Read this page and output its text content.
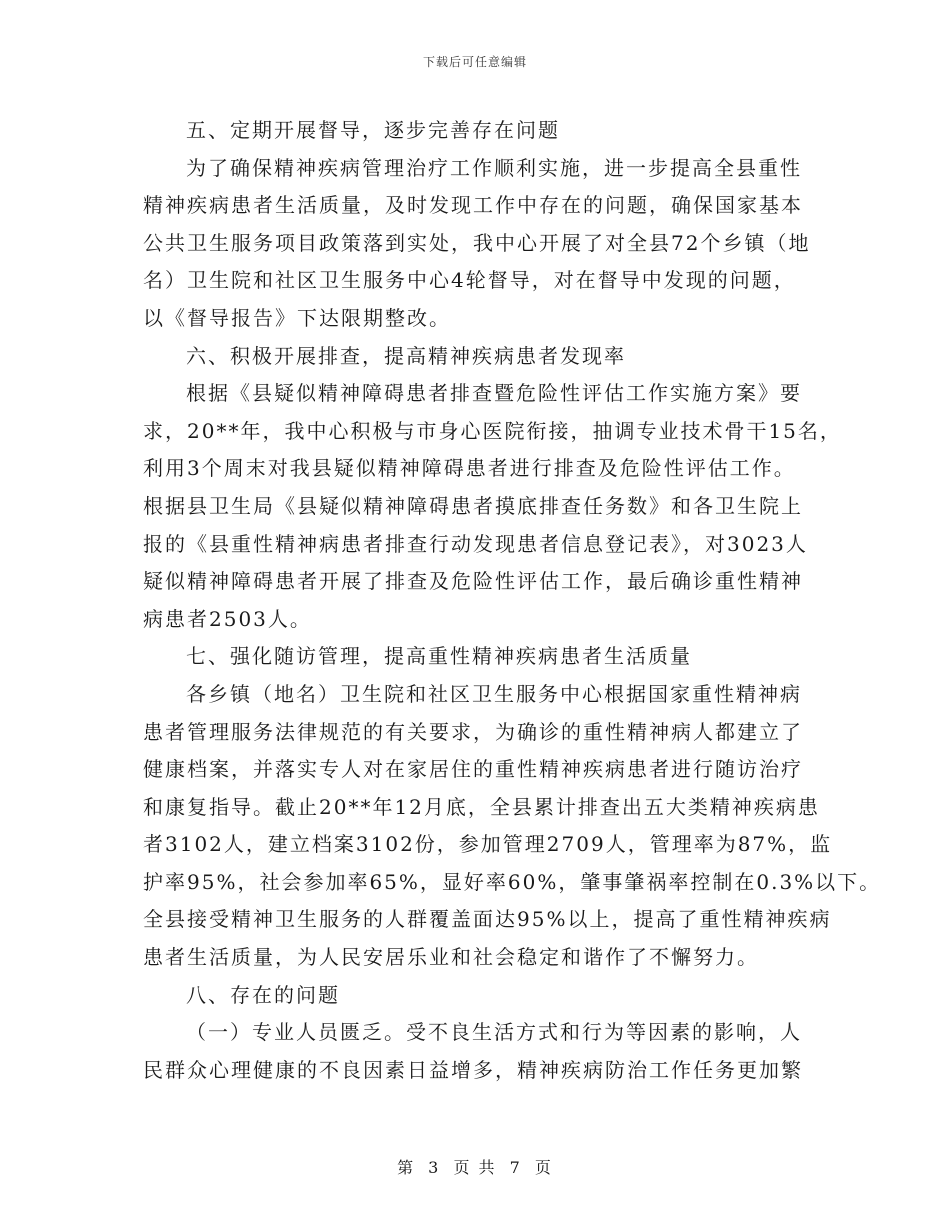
下载后可任意编辑
五、定期开展督导，逐步完善存在问题
为了确保精神疾病管理治疗工作顺利实施，进一步提高全县重性
精神疾病患者生活质量，及时发现工作中存在的问题，确保国家基本
公共卫生服务项目政策落到实处，我中心开展了对全县72个乡镇（地
名）卫生院和社区卫生服务中心4轮督导，对在督导中发现的问题，
以《督导报告》下达限期整改。
六、积极开展排查，提高精神疾病患者发现率
根据《县疑似精神障碍患者排查暨危险性评估工作实施方案》要
求，20**年，我中心积极与市身心医院衔接，抽调专业技术骨干15名，
利用3个周末对我县疑似精神障碍患者进行排查及危险性评估工作。
根据县卫生局《县疑似精神障碍患者摸底排查任务数》和各卫生院上
报的《县重性精神病患者排查行动发现患者信息登记表》，对3023人
疑似精神障碍患者开展了排查及危险性评估工作，最后确诊重性精神
病患者2503人。
七、强化随访管理，提高重性精神疾病患者生活质量
各乡镇（地名）卫生院和社区卫生服务中心根据国家重性精神病
患者管理服务法律规范的有关要求，为确诊的重性精神病人都建立了
健康档案，并落实专人对在家居住的重性精神疾病患者进行随访治疗
和康复指导。截止20**年12月底，全县累计排查出五大类精神疾病患
者3102人，建立档案3102份，参加管理2709人，管理率为87%，监
护率95%，社会参加率65%，显好率60%，肇事肇祸率控制在0.3%以下。
全县接受精神卫生服务的人群覆盖面达95%以上，提高了重性精神疾病
患者生活质量，为人民安居乐业和社会稳定和谐作了不懈努力。
八、存在的问题
（一）专业人员匮乏。受不良生活方式和行为等因素的影响，人
民群众心理健康的不良因素日益增多，精神疾病防治工作任务更加繁
第 3 页 共 7 页
